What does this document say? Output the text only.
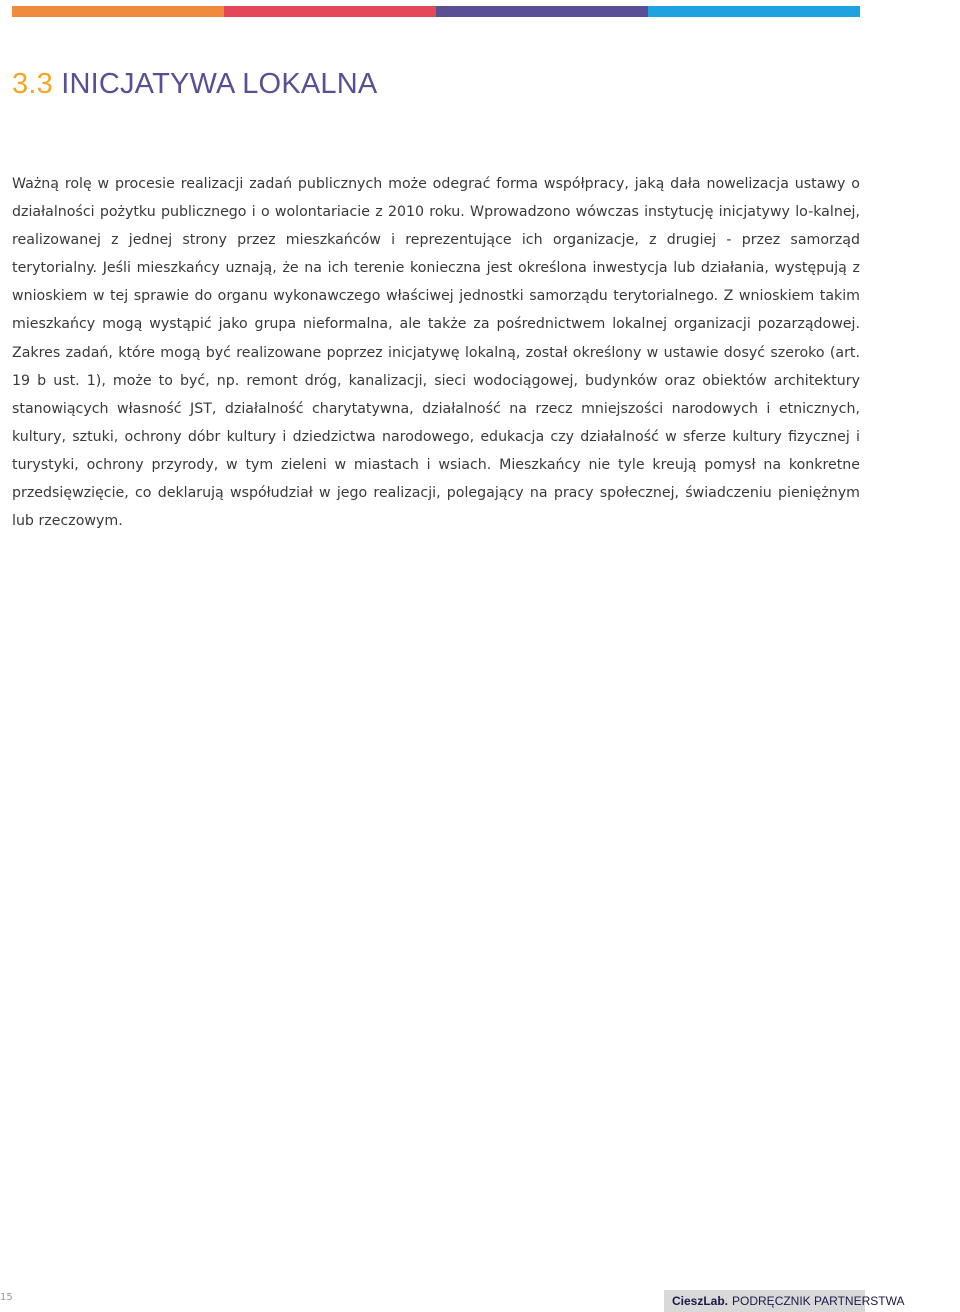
3.3 INICJATYWA LOKALNA

Ważną rolę w procesie realizacji zadań publicznych może odegrać forma współpracy, jaką dała nowelizacja ustawy o działalności pożytku publicznego i o wolontariacie z 2010 roku. Wprowadzono wówczas instytucję inicjatywy lo-kalnej, realizowanej z jednej strony przez mieszkańców i reprezentujące ich organizacje, z drugiej - przez samorząd terytorialny. Jeśli mieszkańcy uznają, że na ich terenie konieczna jest określona inwestycja lub działania, występują z wnioskiem w tej sprawie do organu wykonawczego właściwej jednostki samorządu terytorialnego. Z wnioskiem takim mieszkańcy mogą wystąpić jako grupa nieformalna, ale także za pośrednictwem lokalnej organizacji pozarządowej. Zakres zadań, które mogą być realizowane poprzez inicjatywę lokalną, został określony w ustawie dosyć szeroko (art. 19 b ust. 1), może to być, np. remont dróg, kanalizacji, sieci wodociągowej, budynków oraz obiektów architektury stanowiących własność JST, działalność charytatywna, działalność na rzecz mniejszości narodowych i etnicznych, kultury, sztuki, ochrony dóbr kultury i dziedzictwa narodowego, edukacja czy działalność w sferze kultury fizycznej i turystyki, ochrony przyrody, w tym zieleni w miastach i wsiach. Mieszkańcy nie tyle kreują pomysł na konkretne przedsięwzięcie, co deklarują współudział w jego realizacji, polegający na pracy społecznej, świadczeniu pieniężnym lub rzeczowym.

15	CieszLab. PODRĘCZNIK PARTNERSTWA
